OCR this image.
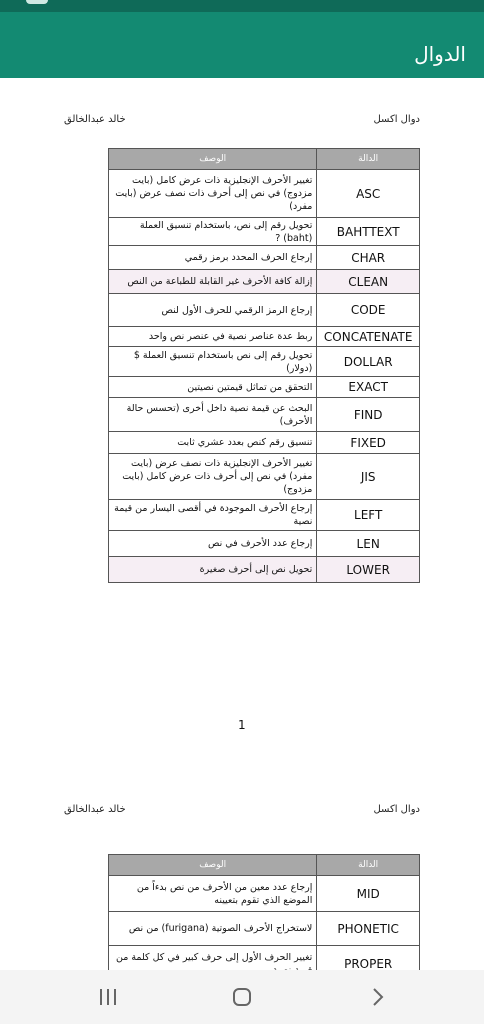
الدوال
دوال اكسل
خالد عبدالخالق
الوصف	الدالة
تغيير الأحرف الإنجليزية ذات عرض كامل (بايت مزدوج) في نص إلى أحرف ذات نصف عرض (بايت مفرد)	ASC
تحويل رقم إلى نص، باستخدام تنسيق العملة (baht) ?	BAHTTEXT
إرجاع الحرف المحدد برمز رقمي	CHAR
إزالة كافة الأحرف غير القابلة للطباعة من النص	CLEAN
إرجاع الرمز الرقمي للحرف الأول لنص	CODE
ربط عدة عناصر نصية في عنصر نص واحد	CONCATENATE
تحويل رقم إلى نص باستخدام تنسيق العملة $ (دولار)	DOLLAR
التحقق من تماثل قيمتين نصيتين	EXACT
البحث عن قيمة نصية داخل أخرى (تحسس حالة الأحرف)	FIND
تنسيق رقم كنص بعدد عشري ثابت	FIXED
تغيير الأحرف الإنجليزية ذات نصف عرض (بايت مفرد) في نص إلى أحرف ذات عرض كامل (بايت مزدوج)	JIS
إرجاع الأحرف الموجودة في أقصى اليسار من قيمة نصية	LEFT
إرجاع عدد الأحرف في نص	LEN
تحويل نص إلى أحرف صغيرة	LOWER
1
دوال اكسل
خالد عبدالخالق
الوصف	الدالة
إرجاع عدد معين من الأحرف من نص بدءاً من الموضع الذي تقوم بتعيينه	MID
لاستخراج الأحرف الصوتية (furigana) من نص	PHONETIC
تغيير الحرف الأول إلى حرف كبير في كل كلمة من	PROPER
